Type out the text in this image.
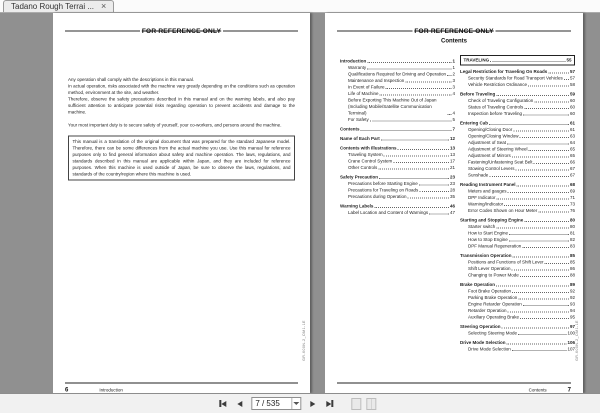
Tadano Rough Terrai ... ×
FOR REFERENCE ONLY

Any operation shall comply with the descriptions in this manual.

In actual operation, risks associated with the machine vary greatly depending on the conditions such as operation method, environment at the site, and weather.

Therefore, observe the safety precautions described in this manual and on the warning labels, and also pay sufficient attention to anticipate potential risks regarding operation to prevent accidents and damage to the machine.

Your most important duty is to secure safety of yourself, your co-workers, and persons around the machine.

This manual is a translation of the original document that was prepared for the standard Japanese model. Therefore, there can be some differences from the actual machine you use. Use this manual for reference purposes only to find general information about safety and machine operation. The laws, regulations, and standards described in this manual are applicable within Japan, and they are included for reference purposes. When this machine is used outside of Japan, be sure to observe the laws, regulations, and standards of the country/region where this machine is used.

6	Introduction
GR-600N-2_OM1-1E
FOR REFERENCE ONLY
Contents
Introduction	1
Warranty	1
Qualifications Required for Driving and Operation 2
Maintenance and Inspection	3
In Event of Failure	3
Life of Machine	4
Before Exporting This Machine Out of Japan (Including Mobile/Satellite Communication Terminal)	4
For Safety	5
Contents	7
Name of Each Part	12
Contents with Illustrations	13
Traveling System	13
Crane Control System	17
Other Controls	21
Safety Precaution	23
Precautions before Starting Engine	23
Precautions for Traveling on Roads	28
Precautions during Operation	35
Warning Labels	46
Label Location and Content of Warnings 47
TRAVELING	55
Legal Restriction for Traveling On Roads	57
Security Standards for Road Transport Vehicles 57
Vehicle Restriction Ordinance	58
Before Traveling	59
Check of Traveling Configuration	60
Status of Traveling Controls	60
Inspection before Traveling	60
Entering Cab	61
Opening/Closing Door	61
Opening/Closing Window	63
Adjustment of Seat	64
Adjustment of Steering Wheel	65
Adjustment of Mirrors	65
Fastening/Unfastening Seat Belt	66
Stowing Control Levers	67
Sunshade	67
Reading Instrument Panel	68
Meters and gauges	69
DPF Indicator	71
Warning/Indicator	73
Error Codes Shown on Hour Meter	76
Starting and Stopping Engine	80
Starter switch	80
How to Start Engine	81
How to Stop Engine	82
DPF Manual Regeneration	83
Transmission Operation	85
Positions and Functions of Shift Lever	85
Shift Lever Operation	86
Changing to Power Mode	88
Brake Operation	89
Foot Brake Operation	92
Parking Brake Operation	92
Engine Retarder Operation	93
Retarder Operation	94
Auxiliary Operating Brake	95
Steering Operation	97
Selecting Steering Mode	100
Drive Mode Selection	106
Drive Mode Selection	107
Contents 7
GR-600N-2_OM1-1E
7 / 535
